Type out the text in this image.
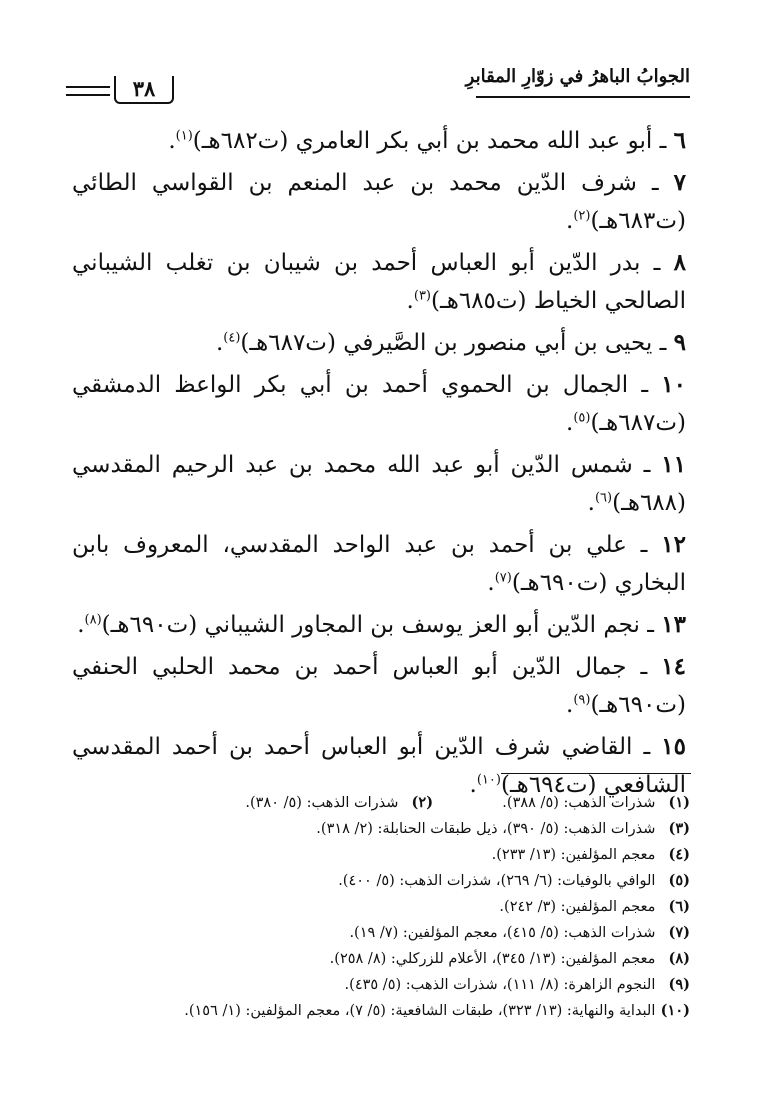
الجوابُ الباهرُ في زوّارِ المقابرِ
٣٨

٦ ـ أبو عبد الله محمد بن أبي بكر العامري (ت٦٨٢هـ)$^{(١)}$.

٧ ـ شرف الدّين محمد بن عبد المنعم بن القواسي الطائي (ت٦٨٣هـ)$^{(٢)}$.

٨ ـ بدر الدّين أبو العباس أحمد بن شيبان بن تغلب الشيباني الصالحي الخياط (ت٦٨٥هـ)$^{(٣)}$.

٩ ـ يحيى بن أبي منصور بن الصَّيرفي (ت٦٨٧هـ)$^{(٤)}$.

١٠ ـ الجمال بن الحموي أحمد بن أبي بكر الواعظ الدمشقي (ت٦٨٧هـ)$^{(٥)}$.

١١ ـ شمس الدّين أبو عبد الله محمد بن عبد الرحيم المقدسي (٦٨٨هـ)$^{(٦)}$.

١٢ ـ علي بن أحمد بن عبد الواحد المقدسي، المعروف بابن البخاري (ت٦٩٠هـ)$^{(٧)}$.

١٣ ـ نجم الدّين أبو العز يوسف بن المجاور الشيباني (ت٦٩٠هـ)$^{(٨)}$.

١٤ ـ جمال الدّين أبو العباس أحمد بن محمد الحلبي الحنفي (ت٦٩٠هـ)$^{(٩)}$.

١٥ ـ القاضي شرف الدّين أبو العباس أحمد بن أحمد المقدسي الشافعي (ت٦٩٤هـ)$^{(١٠)}$.

(١) شذرات الذهب: (٥/ ٣٨٨).  (٢) شذرات الذهب: (٥/ ٣٨٠).
(٣) شذرات الذهب: (٥/ ٣٩٠)، ذيل طبقات الحنابلة: (٢/ ٣١٨).
(٤) معجم المؤلفين: (١٣/ ٢٣٣).
(٥) الوافي بالوفيات: (٦/ ٢٦٩)، شذرات الذهب: (٥/ ٤٠٠).
(٦) معجم المؤلفين: (٣/ ٢٤٢).
(٧) شذرات الذهب: (٥/ ٤١٥)، معجم المؤلفين: (٧/ ١٩).
(٨) معجم المؤلفين: (١٣/ ٣٤٥)، الأعلام للزركلي: (٨/ ٢٥٨).
(٩) النجوم الزاهرة: (٨/ ١١١)، شذرات الذهب: (٥/ ٤٣٥).
(١٠) البداية والنهاية: (١٣/ ٣٢٣)، طبقات الشافعية: (٥/ ٧)، معجم المؤلفين: (١/ ١٥٦).
